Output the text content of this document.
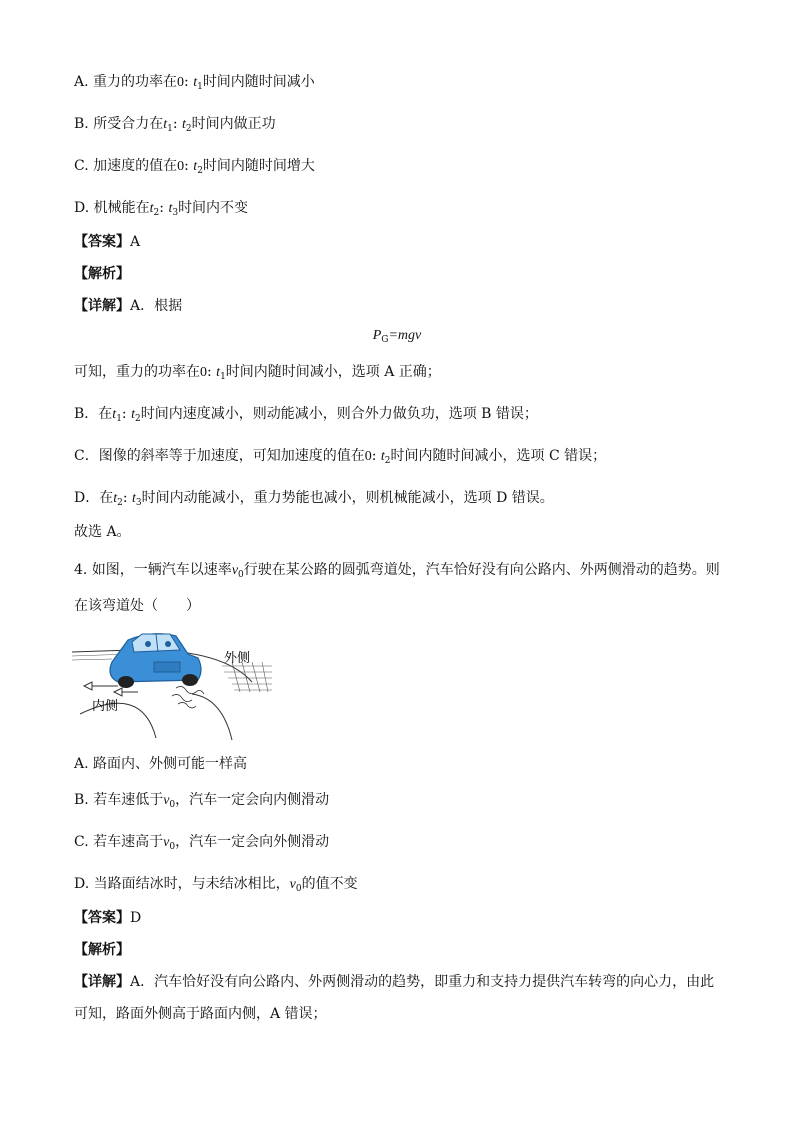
A. 重力的功率在0: $t_1$时间内随时间减小
B. 所受合力在$t_1$: $t_2$时间内做正功
C. 加速度的值在0: $t_2$时间内随时间增大
D. 机械能在$t_2$: $t_3$时间内不变
【答案】A
【解析】
【详解】A．根据
$P_G=mgv$
可知，重力的功率在0: $t_1$时间内随时间减小，选项 A 正确；
B．在$t_1$: $t_2$时间内速度减小，则动能减小，则合外力做负功，选项 B 错误；
C．图像的斜率等于加速度，可知加速度的值在0: $t_2$时间内随时间减小，选项 C 错误；
D．在$t_2$: $t_3$时间内动能减小，重力势能也减小，则机械能减小，选项 D 错误。
故选 A。
4. 如图，一辆汽车以速率$v_0$行驶在某公路的圆弧弯道处，汽车恰好没有向公路内、外两侧滑动的趋势。则
在该弯道处（　　）
外侧
内侧
A. 路面内、外侧可能一样高
B. 若车速低于$v_0$，汽车一定会向内侧滑动
C. 若车速高于$v_0$，汽车一定会向外侧滑动
D. 当路面结冰时，与未结冰相比，$v_0$的值不变
【答案】D
【解析】
【详解】A．汽车恰好没有向公路内、外两侧滑动的趋势，即重力和支持力提供汽车转弯的向心力，由此
可知，路面外侧高于路面内侧，A 错误；
